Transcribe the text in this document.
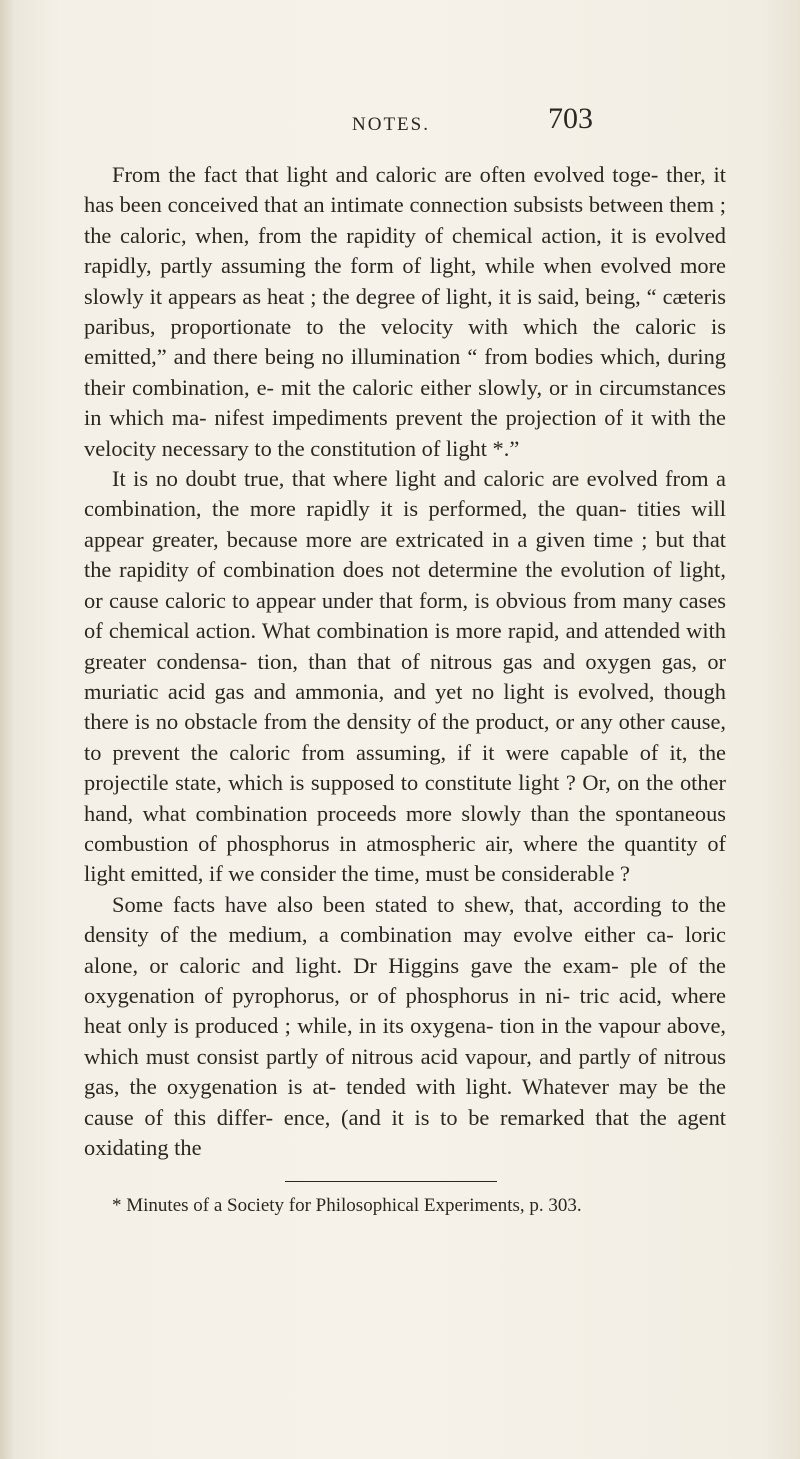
NOTES.	703

From the fact that light and caloric are often evolved toge- ther, it has been conceived that an intimate connection subsists between them ; the caloric, when, from the rapidity of chemical action, it is evolved rapidly, partly assuming the form of light, while when evolved more slowly it appears as heat ; the degree of light, it is said, being, “ cæteris paribus, proportionate to the velocity with which the caloric is emitted,” and there being no illumination “ from bodies which, during their combination, e- mit the caloric either slowly, or in circumstances in which ma- nifest impediments prevent the projection of it with the velocity necessary to the constitution of light *.”

It is no doubt true, that where light and caloric are evolved from a combination, the more rapidly it is performed, the quan- tities will appear greater, because more are extricated in a given time ; but that the rapidity of combination does not determine the evolution of light, or cause caloric to appear under that form, is obvious from many cases of chemical action. What combination is more rapid, and attended with greater condensa- tion, than that of nitrous gas and oxygen gas, or muriatic acid gas and ammonia, and yet no light is evolved, though there is no obstacle from the density of the product, or any other cause, to prevent the caloric from assuming, if it were capable of it, the projectile state, which is supposed to constitute light ? Or, on the other hand, what combination proceeds more slowly than the spontaneous combustion of phosphorus in atmospheric air, where the quantity of light emitted, if we consider the time, must be considerable ?

Some facts have also been stated to shew, that, according to the density of the medium, a combination may evolve either ca- loric alone, or caloric and light. Dr Higgins gave the exam- ple of the oxygenation of pyrophorus, or of phosphorus in ni- tric acid, where heat only is produced ; while, in its oxygena- tion in the vapour above, which must consist partly of nitrous acid vapour, and partly of nitrous gas, the oxygenation is at- tended with light. Whatever may be the cause of this differ- ence, (and it is to be remarked that the agent oxidating the

* Minutes of a Society for Philosophical Experiments, p. 303.
